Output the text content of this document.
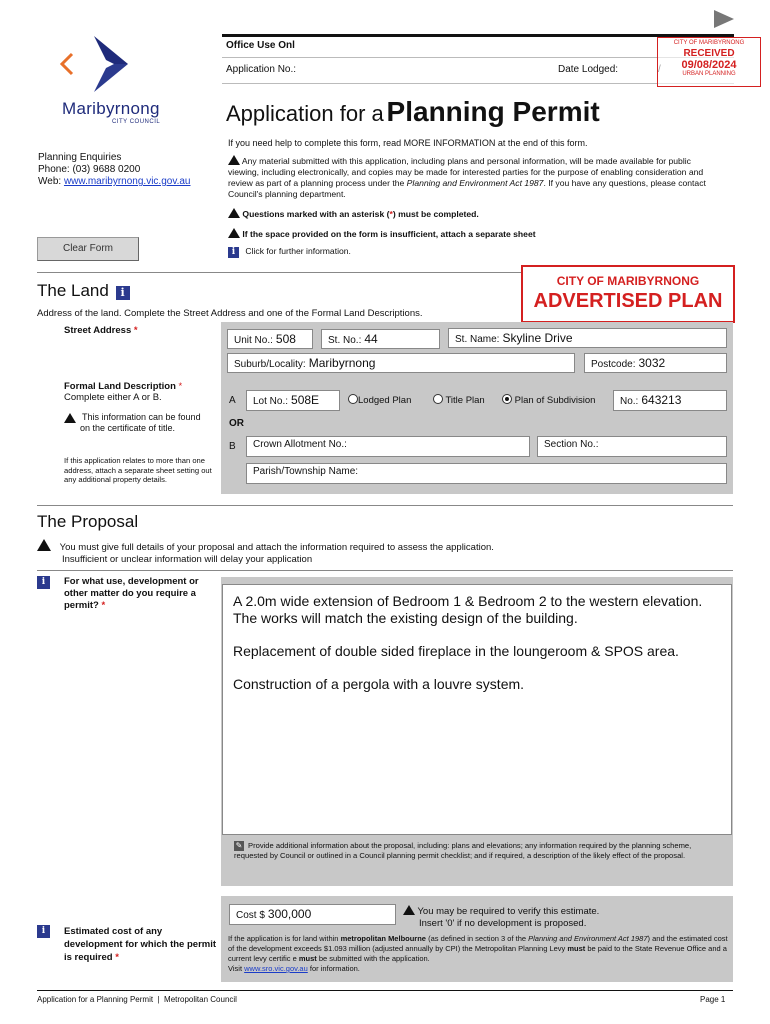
Maribyrnong
CITY COUNCIL
Office Use Onl
Application No.:	Date Lodged:
CITY OF MARIBYRNONG
RECEIVED
09/08/2024
URBAN PLANNING
Application for a Planning Permit
If you need help to complete this form, read MORE INFORMATION at the end of this form.
Planning Enquiries
Phone: (03) 9688 0200
Web: www.maribyrnong.vic.gov.au
Any material submitted with this application, including plans and personal information, will be made available for public viewing, including electronically, and copies may be made for interested parties for the purpose of enabling consideration and review as part of a planning process under the Planning and Environment Act 1987. If you have any questions, please contact Council's planning department.
Questions marked with an asterisk (*) must be completed.
If the space provided on the form is insufficient, attach a separate sheet
i Click for further information.
Clear Form
CITY OF MARIBYRNONG
ADVERTISED PLAN
The Land i
Address of the land. Complete the Street Address and one of the Formal Land Descriptions.
Street Address *
Unit No.: 508	St. No.: 44	St. Name: Skyline Drive
Suburb/Locality: Maribyrnong	Postcode: 3032
Formal Land Description *
Complete either A or B.
This information can be found on the certificate of title.
If this application relates to more than one address, attach a separate sheet setting out any additional property details.
A	Lot No.: 508E	Lodged Plan	Title Plan	Plan of Subdivision	No.: 643213
OR
B	Crown Allotment No.:	Section No.:
Parish/Township Name:
The Proposal
You must give full details of your proposal and attach the information required to assess the application.
Insufficient or unclear information will delay your application
i	For what use, development or other matter do you require a permit? *	A 2.0m wide extension of Bedroom 1 & Bedroom 2 to the western elevation. The works will match the existing design of the building.

Replacement of double sided fireplace in the loungeroom & SPOS area.

Construction of a pergola with a louvre system.

✎ Provide additional information about the proposal, including: plans and elevations; any information required by the planning scheme, requested by Council or outlined in a Council planning permit checklist; and if required, a description of the likely effect of the proposal.
i	Estimated cost of any development for which the permit is required *
Cost $ 300,000	You may be required to verify this estimate.
Insert '0' if no development is proposed.
If the application is for land within metropolitan Melbourne (as defined in section 3 of the Planning and Environment Act 1987) and the estimated cost of the development exceeds $1.093 million (adjusted annually by CPI) the Metropolitan Planning Levy must be paid to the State Revenue Office and a current levy certific e must be submitted with the application.
Visit www.sro.vic.gov.au for information.
Application for a Planning Permit  |  Metropolitan Council	Page 1
